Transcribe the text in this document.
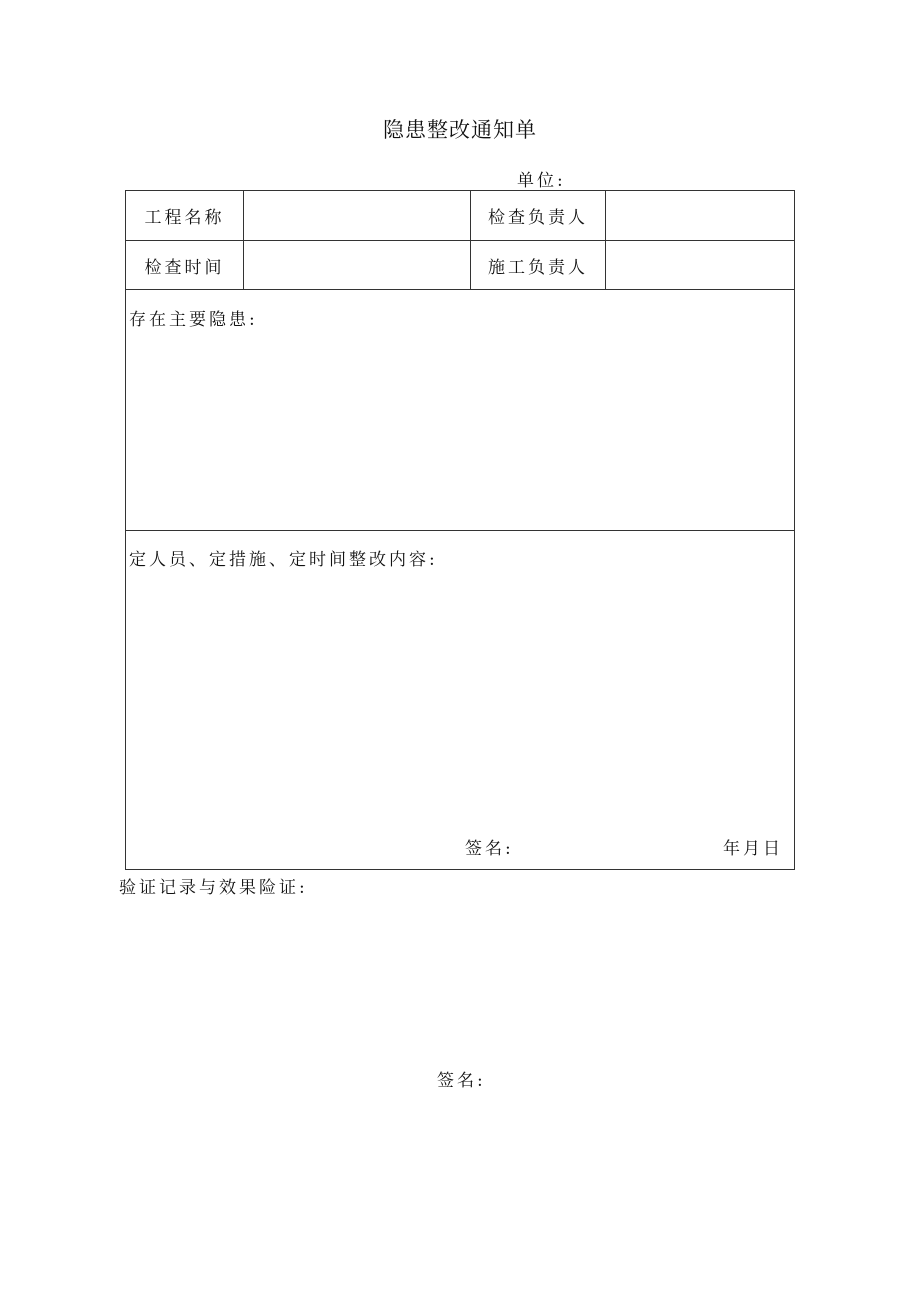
隐患整改通知单
单位:
工程名称	检查负责人
检查时间	施工负责人
存在主要隐患:
定人员、定措施、定时间整改内容:
签名:	年月日
验证记录与效果险证:
签名:
